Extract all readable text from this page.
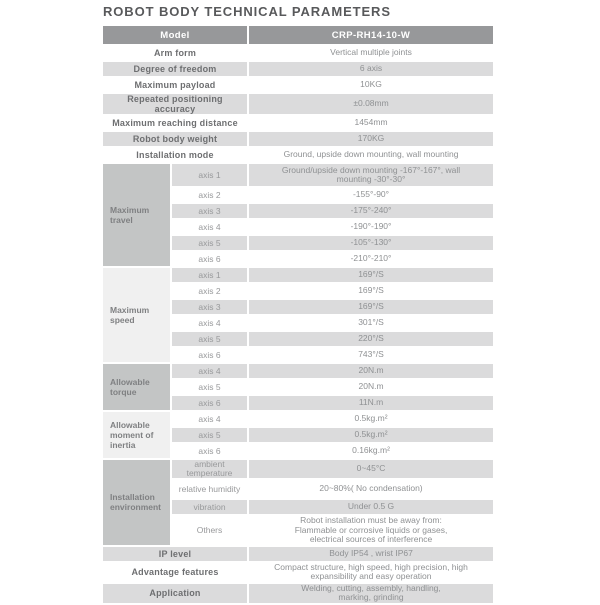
ROBOT BODY TECHNICAL PARAMETERS
Model		CRP-RH14-10-W
Arm form		Vertical multiple joints
Degree of freedom		6 axis
Maximum payload		10KG
Repeated positioning accuracy		±0.08mm
Maximum reaching distance		1454mm
Robot body weight		170KG
Installation mode		Ground, upside down mounting, wall mounting
Maximum travel	axis 1	Ground/upside down mounting -167°-167°, wall mounting -30°-30°
	axis 2	-155°-90°
	axis 3	-175°-240°
	axis 4	-190°-190°
	axis 5	-105°-130°
	axis 6	-210°-210°
Maximum speed	axis 1	169°/S
	axis 2	169°/S
	axis 3	169°/S
	axis 4	301°/S
	axis 5	220°/S
	axis 6	743°/S
Allowable torque	axis 4	20N.m
	axis 5	20N.m
	axis 6	11N.m
Allowable moment of inertia	axis 4	0.5kg.m²
	axis 5	0.5kg.m²
	axis 6	0.16kg.m²
Installation environment	ambient temperature	0~45°C
	relative humidity	20~80%( No condensation)
	vibration	Under 0.5 G
	Others	Robot installation must be away from: Flammable or corrosive liquids or gases, electrical sources of interference
IP level		Body IP54 , wrist IP67
Advantage features		Compact structure, high speed, high precision, high expansibility and easy operation
Application		Welding, cutting, assembly, handling, marking, grinding
